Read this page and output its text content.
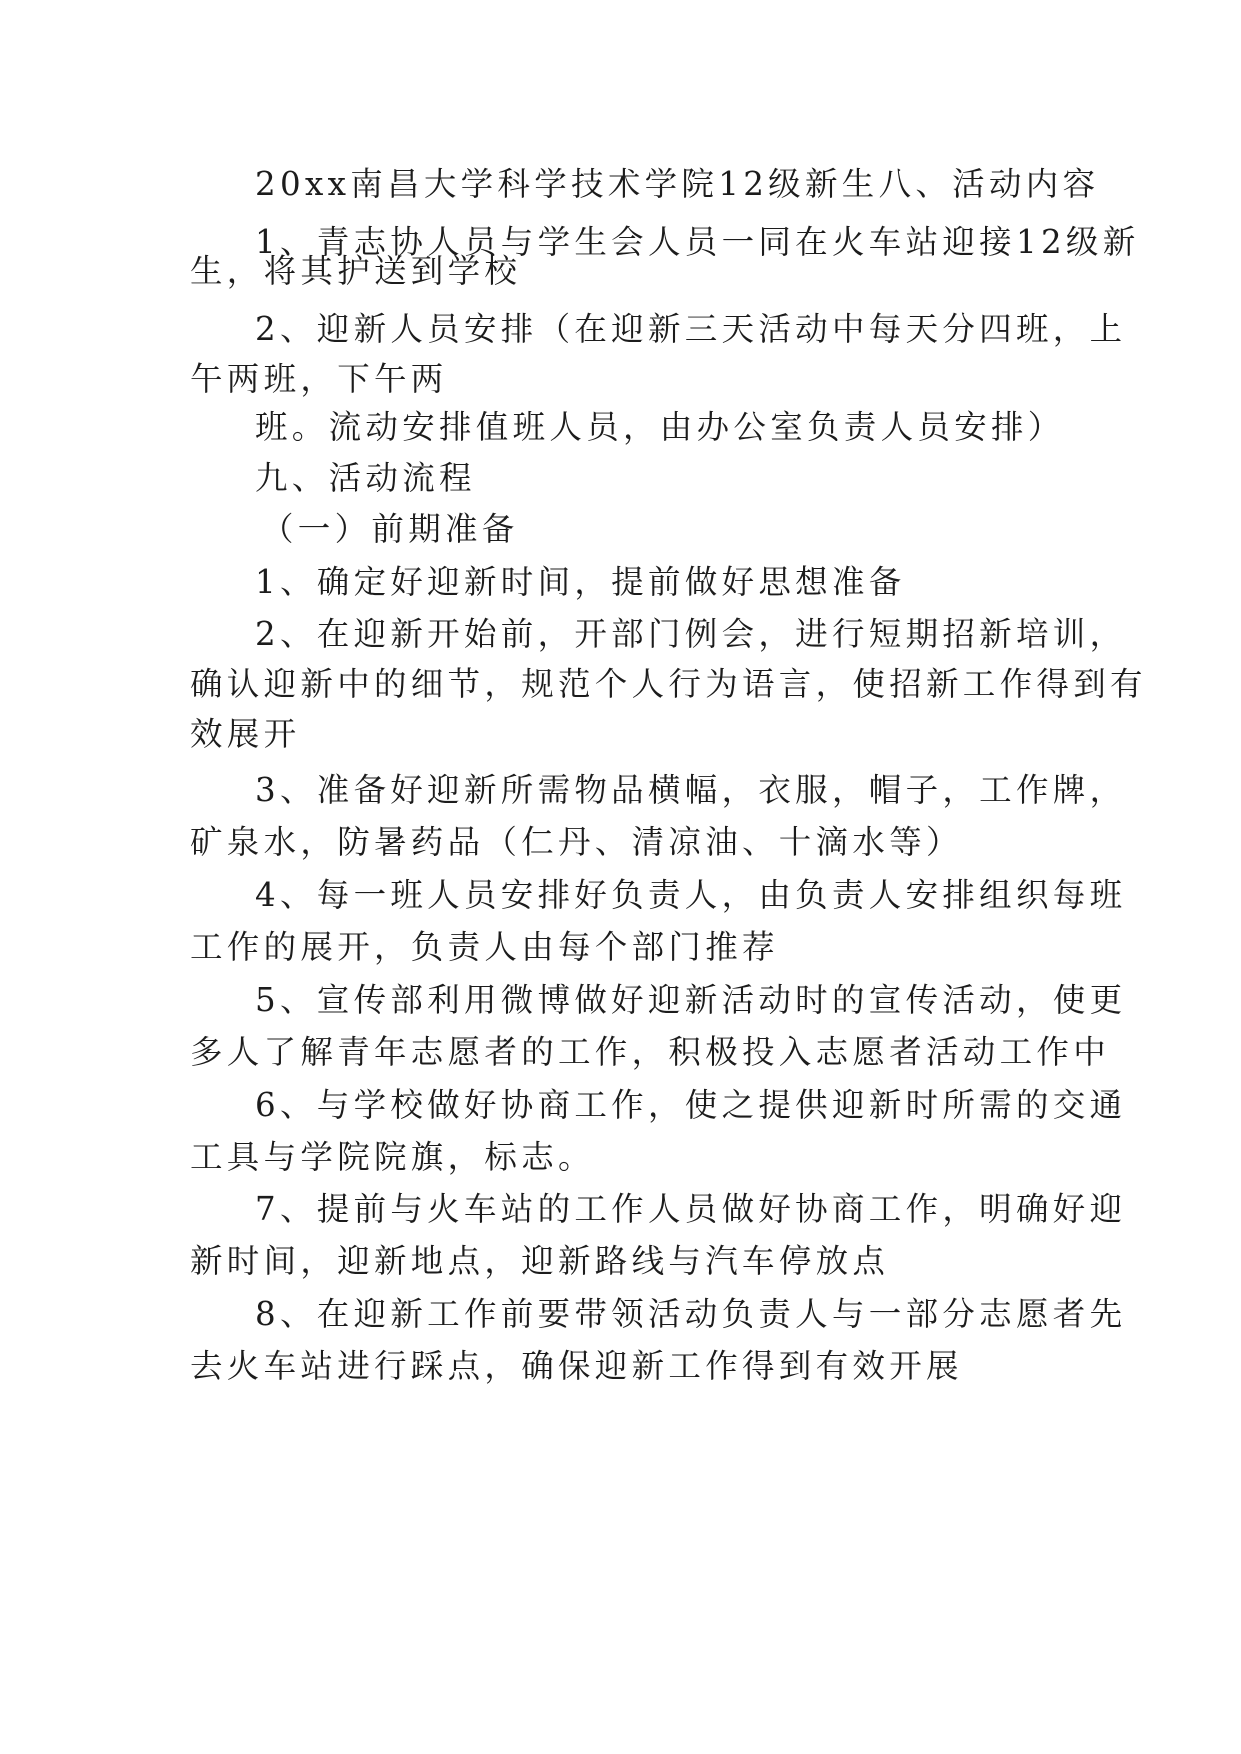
20xx南昌大学科学技术学院12级新生八、活动内容
1、青志协人员与学生会人员一同在火车站迎接12级新
生，将其护送到学校
2、迎新人员安排（在迎新三天活动中每天分四班，上
午两班，下午两
班。流动安排值班人员，由办公室负责人员安排）
九、活动流程
（一）前期准备
1、确定好迎新时间，提前做好思想准备
2、在迎新开始前，开部门例会，进行短期招新培训，
确认迎新中的细节，规范个人行为语言，使招新工作得到有
效展开
3、准备好迎新所需物品横幅，衣服，帽子，工作牌，
矿泉水，防暑药品（仁丹、清凉油、十滴水等）
4、每一班人员安排好负责人，由负责人安排组织每班
工作的展开，负责人由每个部门推荐
5、宣传部利用微博做好迎新活动时的宣传活动，使更
多人了解青年志愿者的工作，积极投入志愿者活动工作中
6、与学校做好协商工作，使之提供迎新时所需的交通
工具与学院院旗，标志。
7、提前与火车站的工作人员做好协商工作，明确好迎
新时间，迎新地点，迎新路线与汽车停放点
8、在迎新工作前要带领活动负责人与一部分志愿者先
去火车站进行踩点，确保迎新工作得到有效开展
